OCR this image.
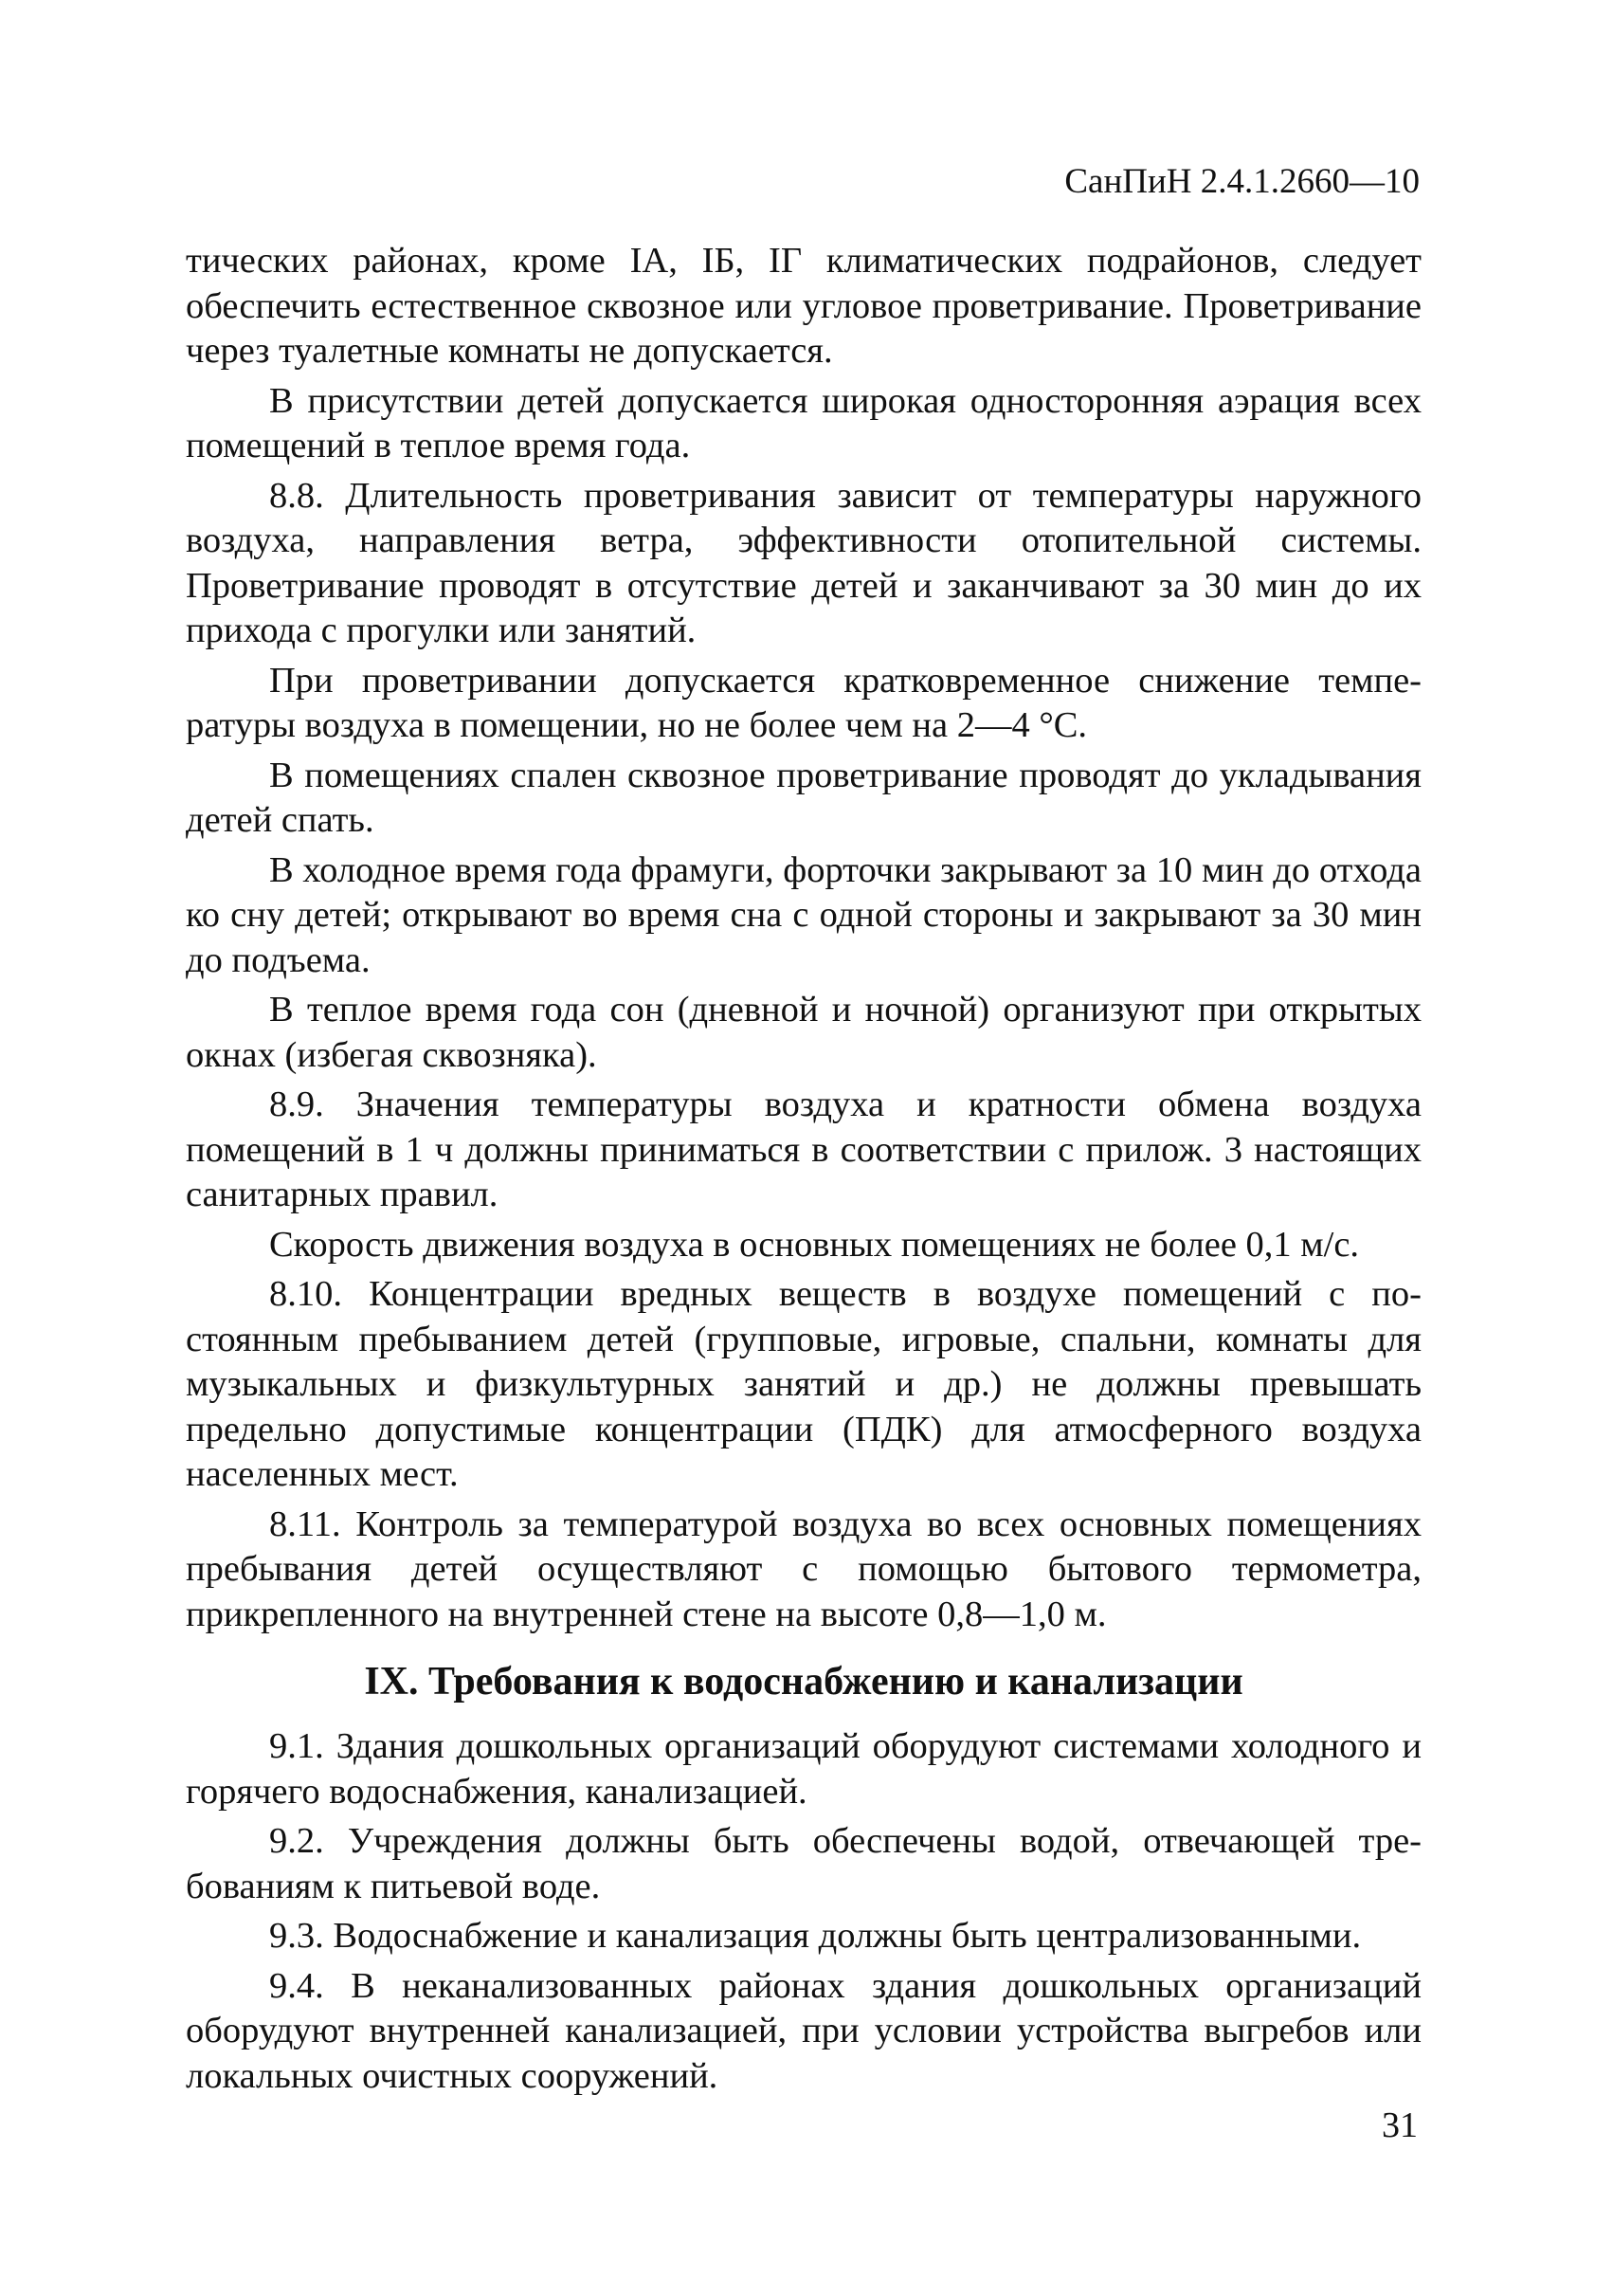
СанПиН 2.4.1.2660—10

тических районах, кроме IA, IБ, IГ климатических подрайонов, следует обеспечить естественное сквозное или угловое проветривание. Проветривание через туалетные комнаты не допускается.

В присутствии детей допускается широкая односторонняя аэрация всех помещений в теплое время года.

8.8. Длительность проветривания зависит от температуры наружного воздуха, направления ветра, эффективности отопительной системы. Проветривание проводят в отсутствие детей и заканчивают за 30 мин до их прихода с прогулки или занятий.

При проветривании допускается кратковременное снижение температуры воздуха в помещении, но не более чем на 2—4 °С.

В помещениях спален сквозное проветривание проводят до укладывания детей спать.

В холодное время года фрамуги, форточки закрывают за 10 мин до отхода ко сну детей; открывают во время сна с одной стороны и закрывают за 30 мин до подъема.

В теплое время года сон (дневной и ночной) организуют при открытых окнах (избегая сквозняка).

8.9. Значения температуры воздуха и кратности обмена воздуха помещений в 1 ч должны приниматься в соответствии с прилож. 3 настоящих санитарных правил.

Скорость движения воздуха в основных помещениях не более 0,1 м/с.

8.10. Концентрации вредных веществ в воздухе помещений с постоянным пребыванием детей (групповые, игровые, спальни, комнаты для музыкальных и физкультурных занятий и др.) не должны превышать предельно допустимые концентрации (ПДК) для атмосферного воздуха населенных мест.

8.11. Контроль за температурой воздуха во всех основных помещениях пребывания детей осуществляют с помощью бытового термометра, прикрепленного на внутренней стене на высоте 0,8—1,0 м.

IX. Требования к водоснабжению и канализации

9.1. Здания дошкольных организаций оборудуют системами холодного и горячего водоснабжения, канализацией.

9.2. Учреждения должны быть обеспечены водой, отвечающей требованиям к питьевой воде.

9.3. Водоснабжение и канализация должны быть централизованными.

9.4. В неканализованных районах здания дошкольных организаций оборудуют внутренней канализацией, при условии устройства выгребов или локальных очистных сооружений.

31
